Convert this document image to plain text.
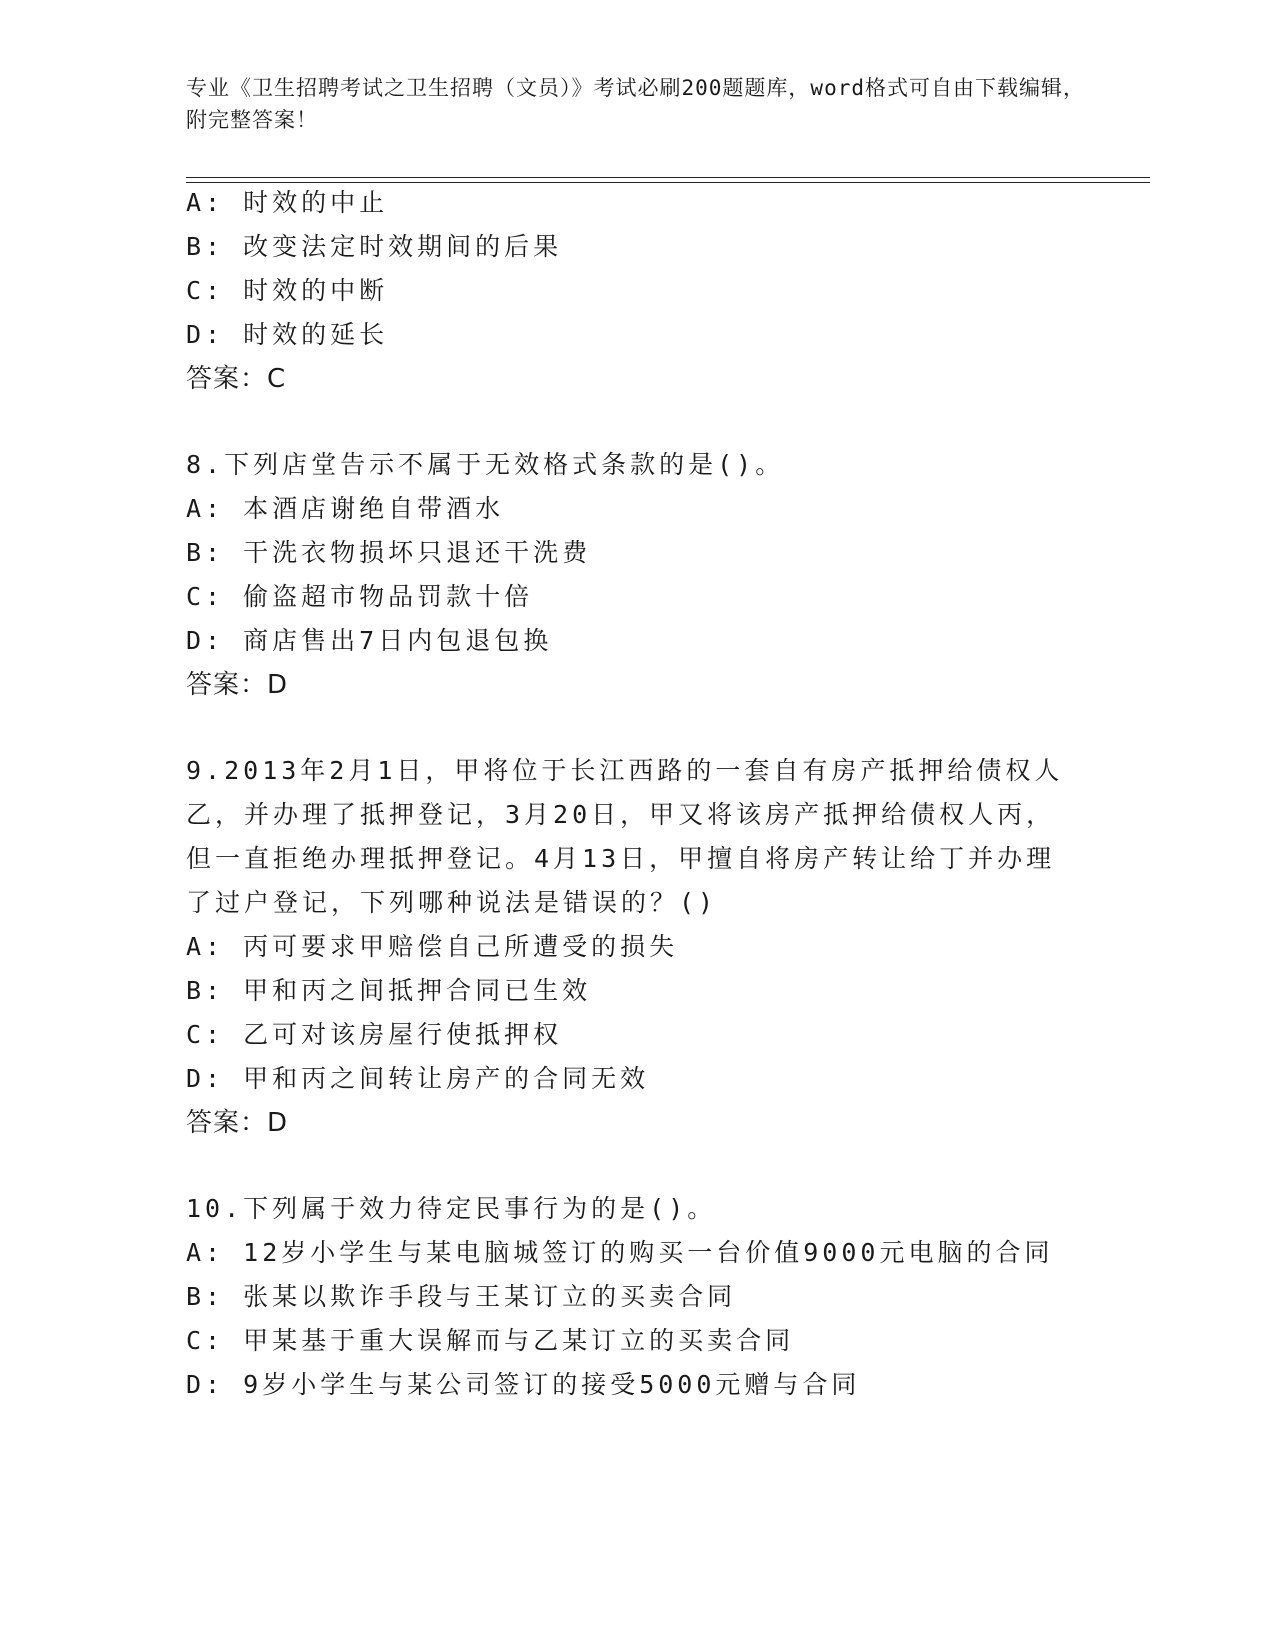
专业《卫生招聘考试之卫生招聘（文员）》考试必刷200题题库，word格式可自由下载编辑，附完整答案！
A: 时效的中止
B: 改变法定时效期间的后果
C: 时效的中断
D: 时效的延长
答案：C
8.下列店堂告示不属于无效格式条款的是()。
A: 本酒店谢绝自带酒水
B: 干洗衣物损坏只退还干洗费
C: 偷盗超市物品罚款十倍
D: 商店售出7日内包退包换
答案：D
9.2013年2月1日，甲将位于长江西路的一套自有房产抵押给债权人
乙，并办理了抵押登记，3月20日，甲又将该房产抵押给债权人丙，
但一直拒绝办理抵押登记。4月13日，甲擅自将房产转让给丁并办理
了过户登记，下列哪种说法是错误的？()
A: 丙可要求甲赔偿自己所遭受的损失
B: 甲和丙之间抵押合同已生效
C: 乙可对该房屋行使抵押权
D: 甲和丙之间转让房产的合同无效
答案：D
10.下列属于效力待定民事行为的是()。
A: 12岁小学生与某电脑城签订的购买一台价值9000元电脑的合同
B: 张某以欺诈手段与王某订立的买卖合同
C: 甲某基于重大误解而与乙某订立的买卖合同
D: 9岁小学生与某公司签订的接受5000元赠与合同
